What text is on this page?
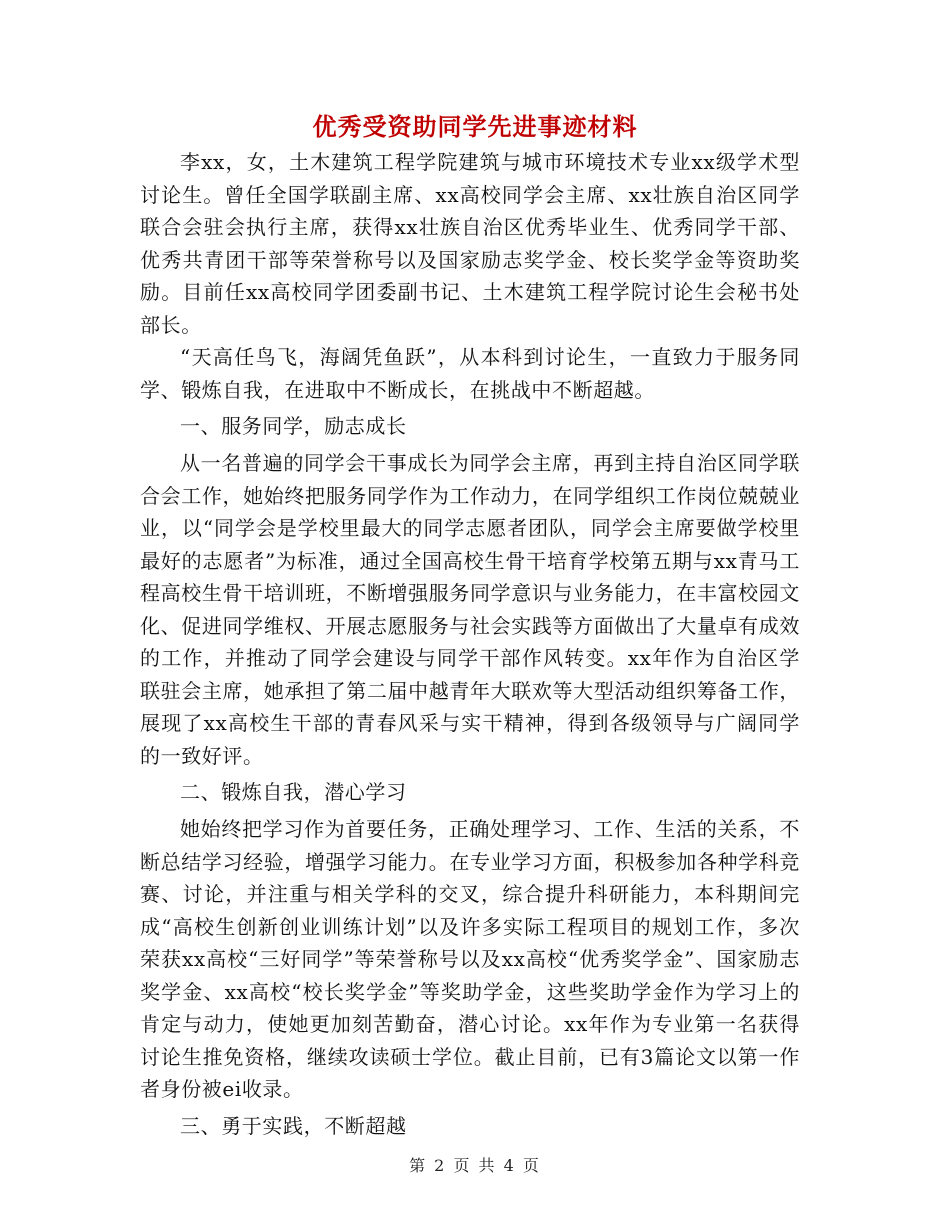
优秀受资助同学先进事迹材料

李xx，女，土木建筑工程学院建筑与城市环境技术专业xx级学术型讨论生。曾任全国学联副主席、xx高校同学会主席、xx壮族自治区同学联合会驻会执行主席，获得xx壮族自治区优秀毕业生、优秀同学干部、优秀共青团干部等荣誉称号以及国家励志奖学金、校长奖学金等资助奖励。目前任xx高校同学团委副书记、土木建筑工程学院讨论生会秘书处部长。

“天高任鸟飞，海阔凭鱼跃”，从本科到讨论生，一直致力于服务同学、锻炼自我，在进取中不断成长，在挑战中不断超越。

一、服务同学，励志成长

从一名普遍的同学会干事成长为同学会主席，再到主持自治区同学联合会工作，她始终把服务同学作为工作动力，在同学组织工作岗位兢兢业业，以“同学会是学校里最大的同学志愿者团队，同学会主席要做学校里最好的志愿者”为标准，通过全国高校生骨干培育学校第五期与xx青马工程高校生骨干培训班，不断增强服务同学意识与业务能力，在丰富校园文化、促进同学维权、开展志愿服务与社会实践等方面做出了大量卓有成效的工作，并推动了同学会建设与同学干部作风转变。xx年作为自治区学联驻会主席，她承担了第二届中越青年大联欢等大型活动组织筹备工作，展现了xx高校生干部的青春风采与实干精神，得到各级领导与广阔同学的一致好评。

二、锻炼自我，潜心学习

她始终把学习作为首要任务，正确处理学习、工作、生活的关系，不断总结学习经验，增强学习能力。在专业学习方面，积极参加各种学科竞赛、讨论，并注重与相关学科的交叉，综合提升科研能力，本科期间完成“高校生创新创业训练计划”以及许多实际工程项目的规划工作，多次荣获xx高校“三好同学”等荣誉称号以及xx高校“优秀奖学金”、国家励志奖学金、xx高校“校长奖学金”等奖助学金，这些奖助学金作为学习上的肯定与动力，使她更加刻苦勤奋，潜心讨论。xx年作为专业第一名获得讨论生推免资格，继续攻读硕士学位。截止目前，已有3篇论文以第一作者身份被ei收录。

三、勇于实践，不断超越

第 2 页 共 4 页
